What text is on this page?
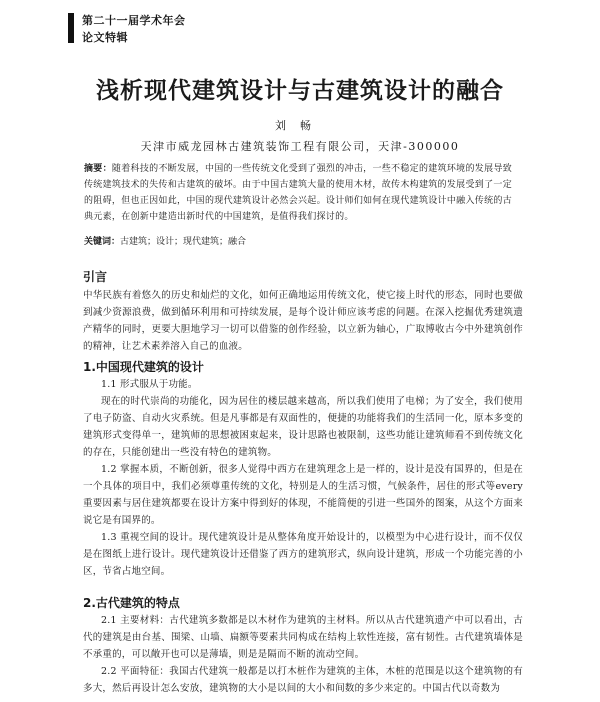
第二十一届学术年会
论文特辑
浅析现代建筑设计与古建筑设计的融合
刘畅
天津市威龙园林古建筑装饰工程有限公司，天津-300000
摘要：随着科技的不断发展，中国的一些传统文化受到了强烈的冲击，一些不稳定的建筑环境的发展导致传统建筑技术的失传和古建筑的破坏。由于中国古建筑大量的使用木材，故传木构建筑的发展受到了一定的阻碍，但也正因如此，中国的现代建筑设计必然会兴起。设计师们如何在现代建筑设计中融入传统的古典元素，在创新中建造出新时代的中国建筑，是值得我们探讨的。
关键词：古建筑；设计；现代建筑；融合
引言
中华民族有着悠久的历史和灿烂的文化，如何正确地运用传统文化，使它接上时代的形态，同时也要做到减少资源浪费，做到循环利用和可持续发展，是每个设计师应该考虑的问题。在深入挖掘优秀建筑遗产精华的同时，更要大胆地学习一切可以借鉴的创作经验，以立新为轴心，广取博收古今中外建筑创作的精神，让艺术素养溶入自己的血液。
1.中国现代建筑的设计
1.1 形式服从于功能。
现在的时代崇尚的功能化，因为居住的楼层越来越高，所以我们使用了电梯；为了安全，我们使用了电子防盗、自动火灾系统。但是凡事都是有双面性的，便捷的功能将我们的生活同一化，原本多变的建筑形式变得单一，建筑师的思想被困束起来，设计思路也被限制，这些功能让建筑师看不到传统文化的存在，只能创建出一些没有特色的建筑物。
1.2 掌握本质，不断创新，很多人觉得中西方在建筑理念上是一样的，设计是没有国界的，但是在一个具体的项目中，我们必须尊重传统的文化，特别是人的生活习惯，气候条件，居住的形式等every重要因素与居住建筑都要在设计方案中得到好的体现，不能简便的引进一些国外的图案，从这个方面来说它是有国界的。
1.3 重视空间的设计。现代建筑设计是从整体角度开始设计的，以模型为中心进行设计，而不仅仅是在图纸上进行设计。现代建筑设计还借鉴了西方的建筑形式，纵向设计建筑，形成一个功能完善的小区，节省占地空间。
2.古代建筑的特点
2.1 主要材料：古代建筑多数都是以木材作为建筑的主材料。所以从古代建筑遗产中可以看出，古代的建筑是由台基、围梁、山墙、扁额等要素共同构成在结构上软性连接，富有韧性。古代建筑墙体是不承重的，可以敞开也可以是薄墙，则是是隔而不断的流动空间。
2.2 平面特征：我国古代建筑一般都是以打木桩作为建筑的主体，木桩的范围是以这个建筑物的有多大，然后再设计怎么安放，建筑物的大小是以间的大小和间数的多少来定的。中国古代以奇数为
